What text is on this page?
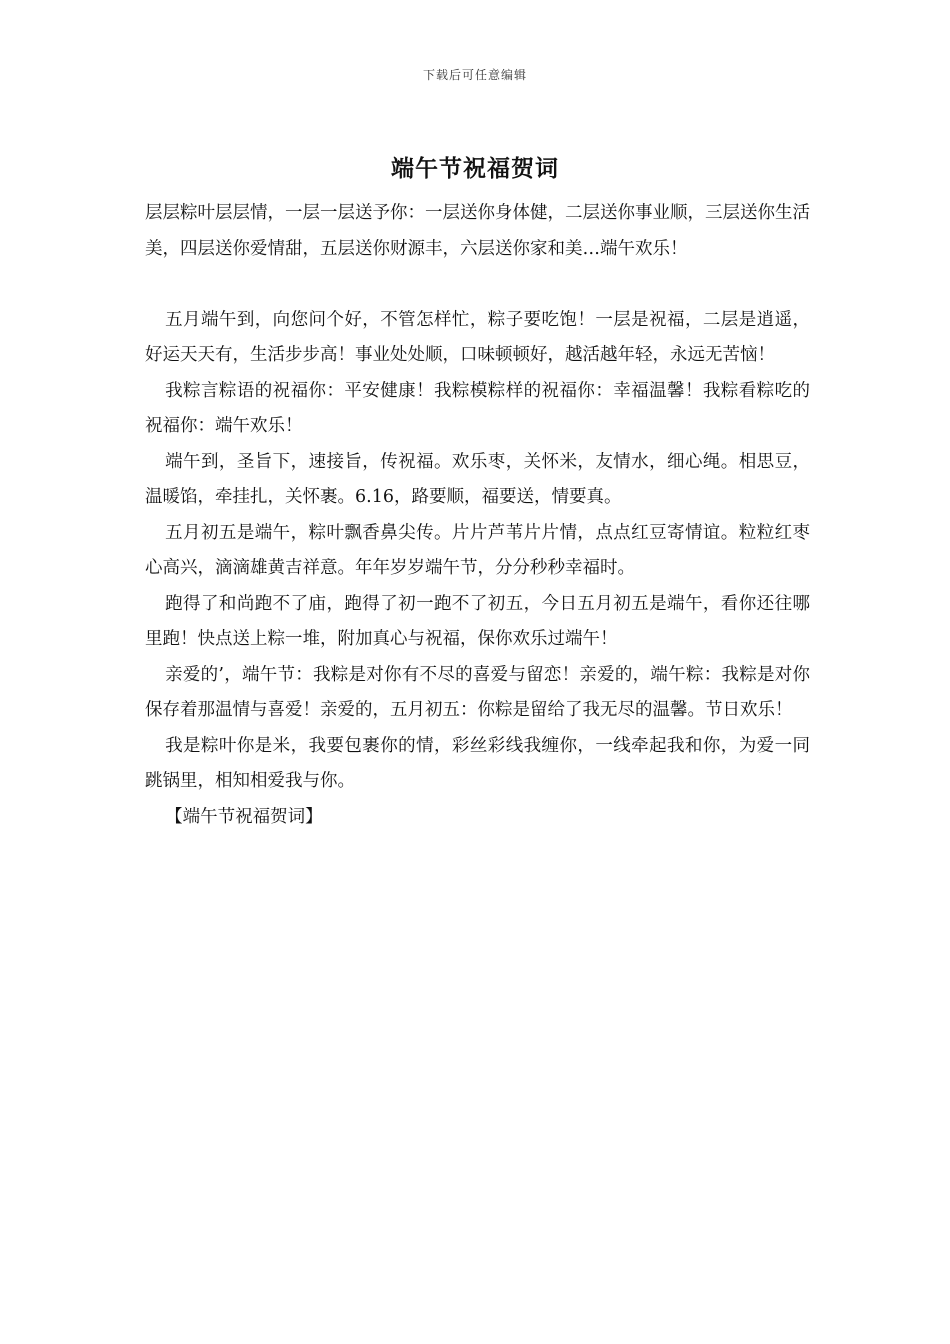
下载后可任意编辑
端午节祝福贺词

层层粽叶层层情，一层一层送予你：一层送你身体健，二层送你事业顺，三层送你生活美，四层送你爱情甜，五层送你财源丰，六层送你家和美…端午欢乐！

五月端午到，向您问个好，不管怎样忙，粽子要吃饱！一层是祝福，二层是逍遥，好运天天有，生活步步高！事业处处顺，口味顿顿好，越活越年轻，永远无苦恼！

我粽言粽语的祝福你：平安健康！我粽模粽样的祝福你：幸福温馨！我粽看粽吃的祝福你：端午欢乐！

端午到，圣旨下，速接旨，传祝福。欢乐枣，关怀米，友情水，细心绳。相思豆，温暖馅，牵挂扎，关怀裹。6.16，路要顺，福要送，情要真。

五月初五是端午，粽叶飘香鼻尖传。片片芦苇片片情，点点红豆寄情谊。粒粒红枣心高兴，滴滴雄黄吉祥意。年年岁岁端午节，分分秒秒幸福时。

跑得了和尚跑不了庙，跑得了初一跑不了初五，今日五月初五是端午，看你还往哪里跑！快点送上粽一堆，附加真心与祝福，保你欢乐过端午！

亲爱的’，端午节：我粽是对你有不尽的喜爱与留恋！亲爱的，端午粽：我粽是对你保存着那温情与喜爱！亲爱的，五月初五：你粽是留给了我无尽的温馨。节日欢乐！

我是粽叶你是米，我要包裹你的情，彩丝彩线我缠你，一线牵起我和你，为爱一同跳锅里，相知相爱我与你。

【端午节祝福贺词】
